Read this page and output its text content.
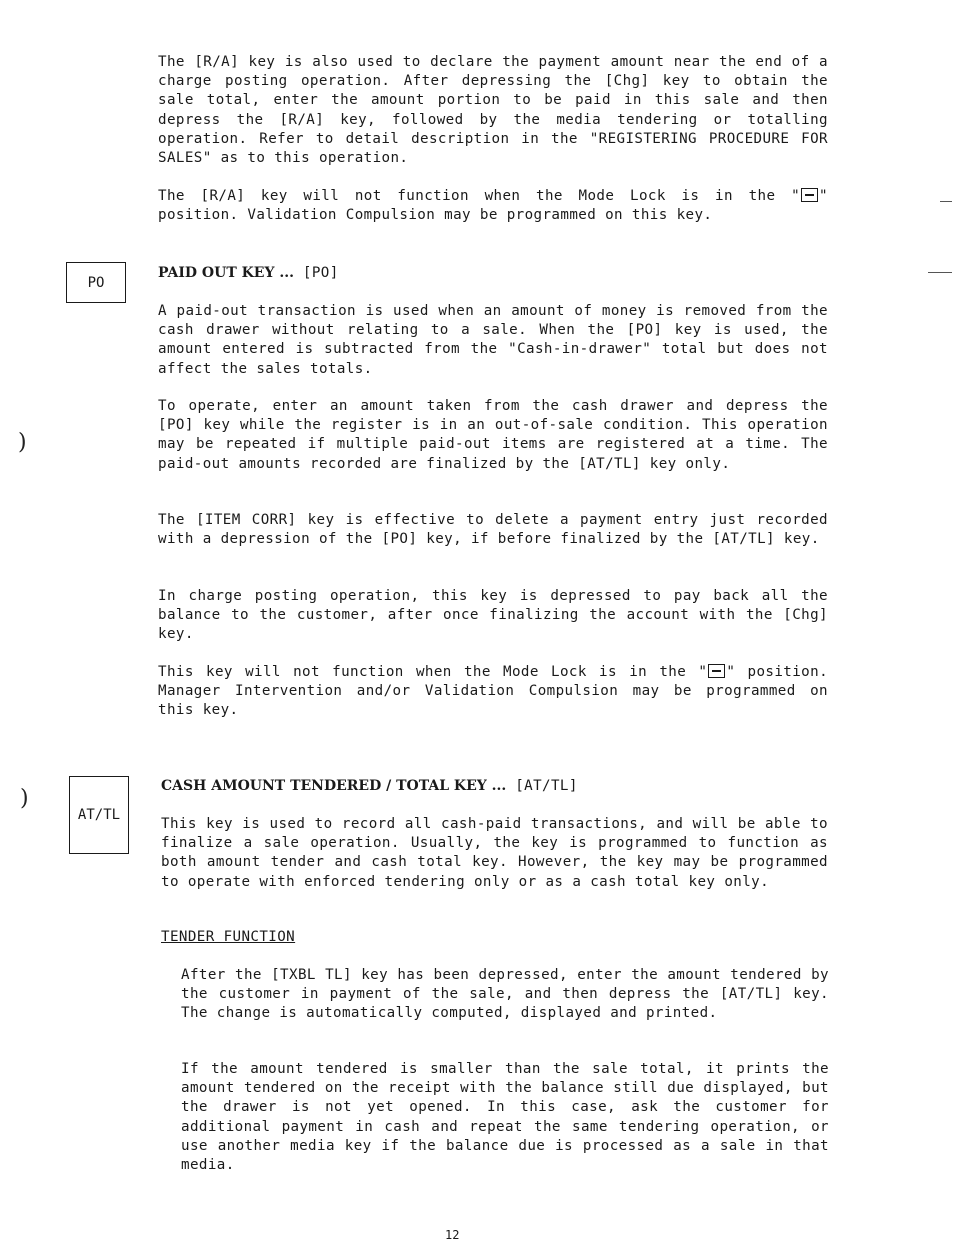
The [R/A] key is also used to declare the payment amount near the end of a charge posting operation. After depressing the [Chg] key to obtain the sale total, enter the amount portion to be paid in this sale and then depress the [R/A] key, followed by the media tendering or totalling operation. Refer to detail description in the "REGISTERING PROCEDURE FOR SALES" as to this operation.

The [R/A] key will not function when the Mode Lock is in the " " position. Validation Compulsion may be programmed on this key.

PO

PAID OUT KEY ... [PO]

A paid-out transaction is used when an amount of money is removed from the cash drawer without relating to a sale. When the [PO] key is used, the amount entered is subtracted from the "Cash-in-drawer" total but does not affect the sales totals.

)

To operate, enter an amount taken from the cash drawer and depress the [PO] key while the register is in an out-of-sale condition. This operation may be repeated if multiple paid-out items are registered at a time. The paid-out amounts recorded are finalized by the [AT/TL] key only.

The [ITEM CORR] key is effective to delete a payment entry just recorded with a depression of the [PO] key, if before finalized by the [AT/TL] key.

In charge posting operation, this key is depressed to pay back all the balance to the customer, after once finalizing the account with the [Chg] key.

This key will not function when the Mode Lock is in the " " position. Manager Intervention and/or Validation Compulsion may be programmed on this key.

)
AT/TL

CASH AMOUNT TENDERED / TOTAL KEY ... [AT/TL]

This key is used to record all cash-paid transactions, and will be able to finalize a sale operation. Usually, the key is programmed to function as both amount tender and cash total key. However, the key may be programmed to operate with enforced tendering only or as a cash total key only.

TENDER FUNCTION

After the [TXBL TL] key has been depressed, enter the amount tendered by the customer in payment of the sale, and then depress the [AT/TL] key. The change is automatically computed, displayed and printed.

If the amount tendered is smaller than the sale total, it prints the amount tendered on the receipt with the balance still due displayed, but the drawer is not yet opened. In this case, ask the customer for additional payment in cash and repeat the same tendering operation, or use another media key if the balance due is processed as a sale in that media.

12
